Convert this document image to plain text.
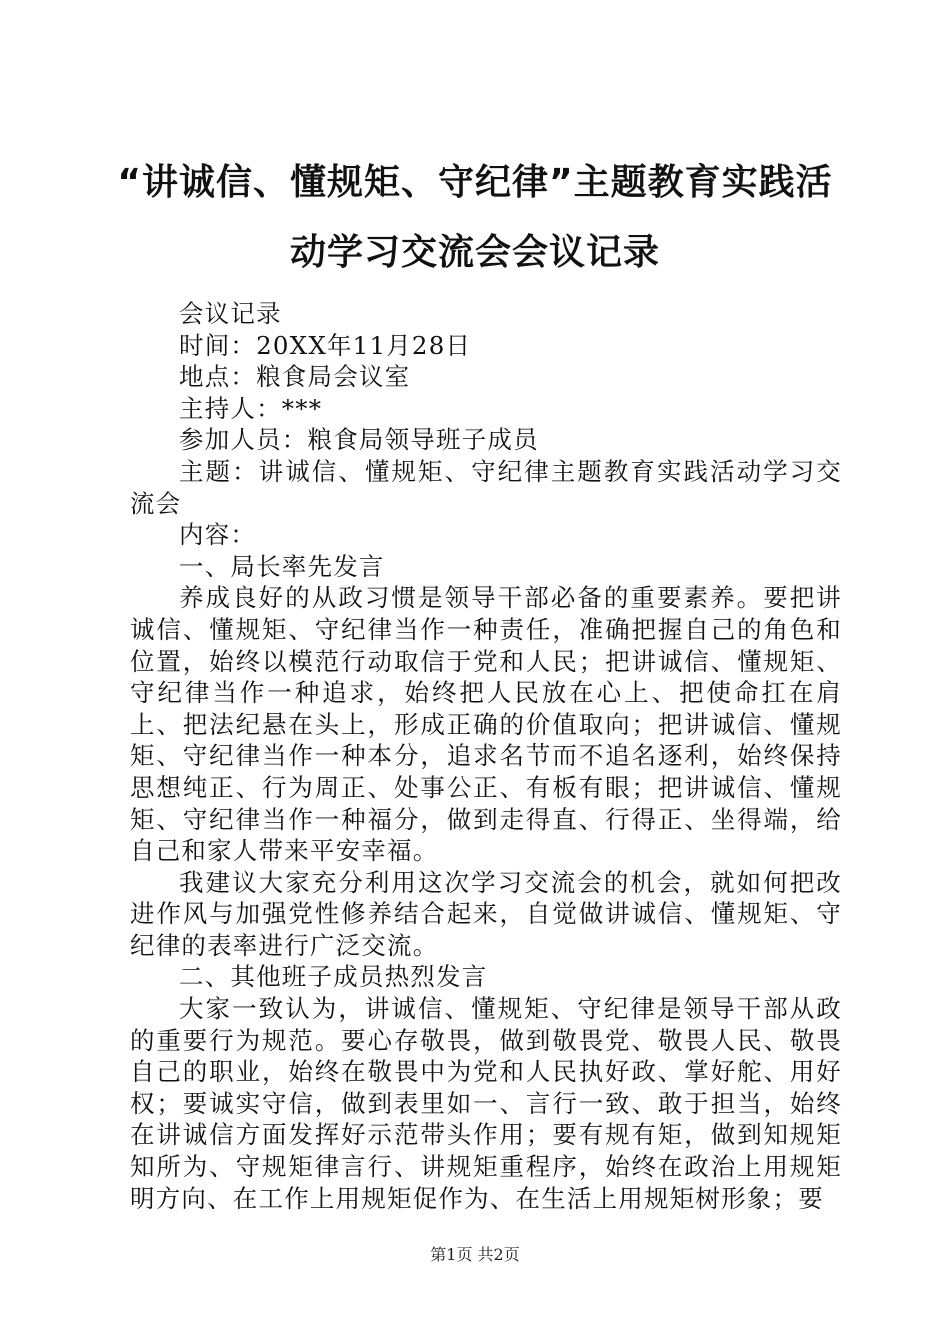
“讲诚信、懂规矩、守纪律”主题教育实践活
动学习交流会会议记录

会议记录

时间：20XX年11月28日

地点：粮食局会议室

主持人：***

参加人员：粮食局领导班子成员

主题：讲诚信、懂规矩、守纪律主题教育实践活动学习交流会

内容：

一、局长率先发言

养成良好的从政习惯是领导干部必备的重要素养。要把讲诚信、懂规矩、守纪律当作一种责任，准确把握自己的角色和位置，始终以模范行动取信于党和人民；把讲诚信、懂规矩、守纪律当作一种追求，始终把人民放在心上、把使命扛在肩上、把法纪悬在头上，形成正确的价值取向；把讲诚信、懂规矩、守纪律当作一种本分，追求名节而不追名逐利，始终保持思想纯正、行为周正、处事公正、有板有眼；把讲诚信、懂规矩、守纪律当作一种福分，做到走得直、行得正、坐得端，给自己和家人带来平安幸福。

我建议大家充分利用这次学习交流会的机会，就如何把改进作风与加强党性修养结合起来，自觉做讲诚信、懂规矩、守纪律的表率进行广泛交流。

二、其他班子成员热烈发言

大家一致认为，讲诚信、懂规矩、守纪律是领导干部从政的重要行为规范。要心存敬畏，做到敬畏党、敬畏人民、敬畏自己的职业，始终在敬畏中为党和人民执好政、掌好舵、用好权；要诚实守信，做到表里如一、言行一致、敢于担当，始终在讲诚信方面发挥好示范带头作用；要有规有矩，做到知规矩知所为、守规矩律言行、讲规矩重程序，始终在政治上用规矩明方向、在工作上用规矩促作为、在生活上用规矩树形象；要

第1页 共2页
